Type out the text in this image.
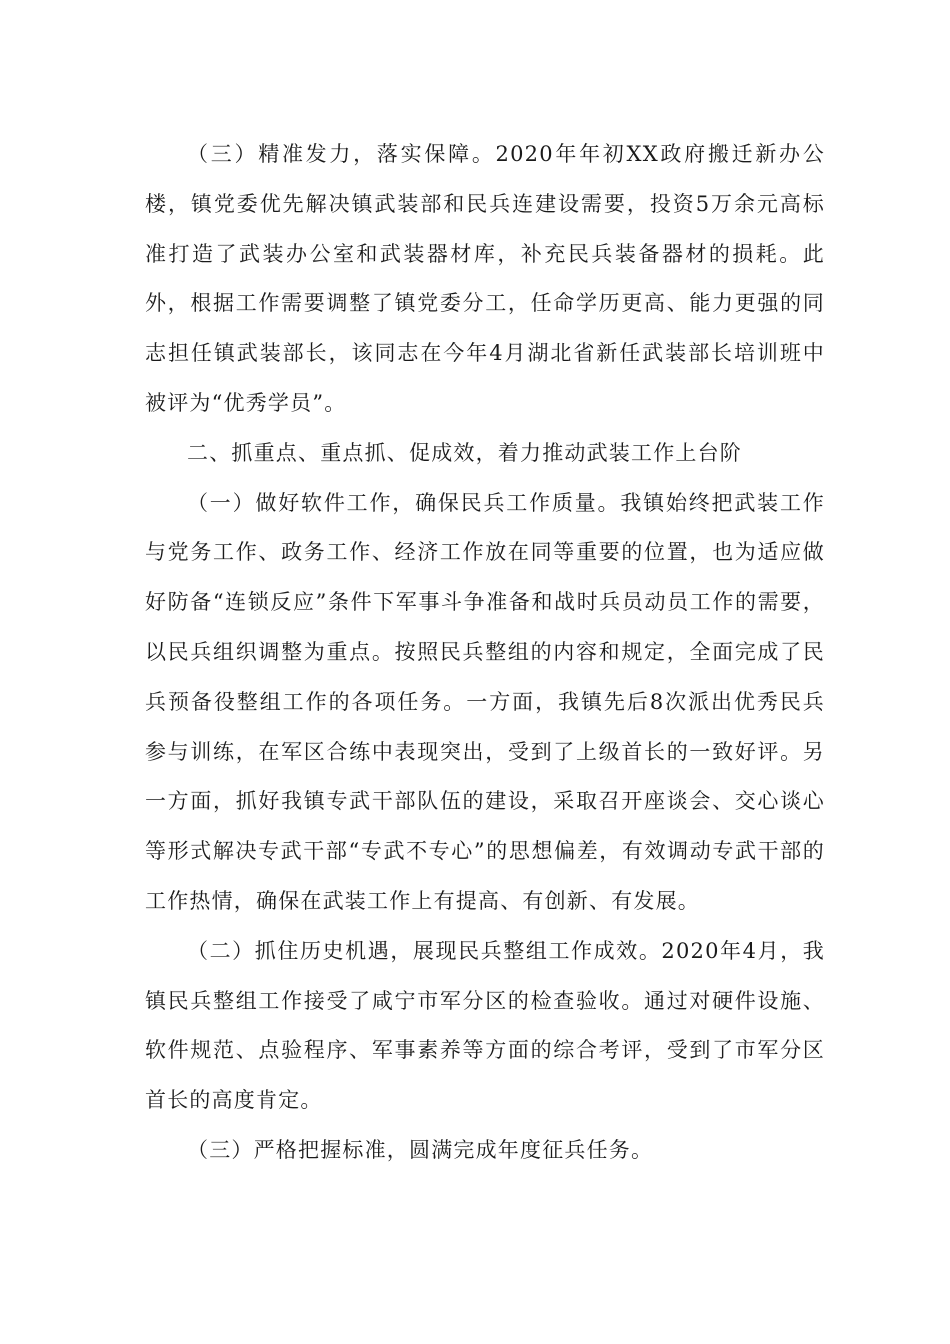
（三）精准发力，落实保障。2020年年初XX政府搬迁新办公楼，镇党委优先解决镇武装部和民兵连建设需要，投资5万余元高标准打造了武装办公室和武装器材库，补充民兵装备器材的损耗。此外，根据工作需要调整了镇党委分工，任命学历更高、能力更强的同志担任镇武装部长，该同志在今年4月湖北省新任武装部长培训班中被评为“优秀学员”。

二、抓重点、重点抓、促成效，着力推动武装工作上台阶

（一）做好软件工作，确保民兵工作质量。我镇始终把武装工作与党务工作、政务工作、经济工作放在同等重要的位置，也为适应做好防备“连锁反应”条件下军事斗争准备和战时兵员动员工作的需要，以民兵组织调整为重点。按照民兵整组的内容和规定，全面完成了民兵预备役整组工作的各项任务。一方面，我镇先后8次派出优秀民兵参与训练，在军区合练中表现突出，受到了上级首长的一致好评。另一方面，抓好我镇专武干部队伍的建设，采取召开座谈会、交心谈心等形式解决专武干部“专武不专心”的思想偏差，有效调动专武干部的工作热情，确保在武装工作上有提高、有创新、有发展。

（二）抓住历史机遇，展现民兵整组工作成效。2020年4月，我镇民兵整组工作接受了咸宁市军分区的检查验收。通过对硬件设施、软件规范、点验程序、军事素养等方面的综合考评，受到了市军分区首长的高度肯定。

（三）严格把握标准，圆满完成年度征兵任务。
